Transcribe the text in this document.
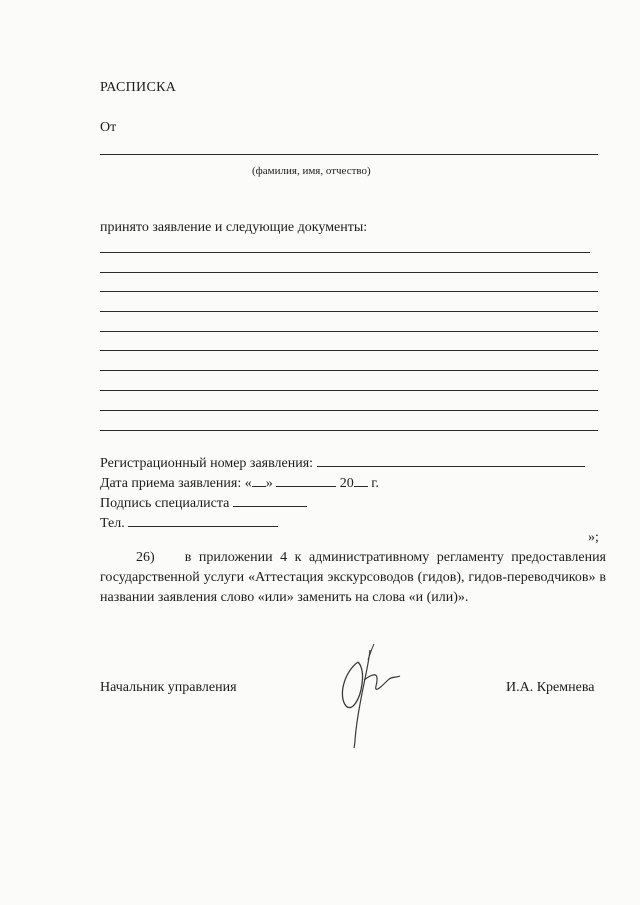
РАСПИСКА
От
(фамилия, имя, отчество)
принято заявление и следующие документы:
Регистрационный номер заявления:
Дата приема заявления: « »	20 г.
Подпись специалиста
Тел.
»;
26) в приложении 4 к административному регламенту предоставления государственной услуги «Аттестация экскурсоводов (гидов), гидов-переводчиков» в названии заявления слово «или» заменить на слова «и (или)».
Начальник управления	И.А. Кремнева
